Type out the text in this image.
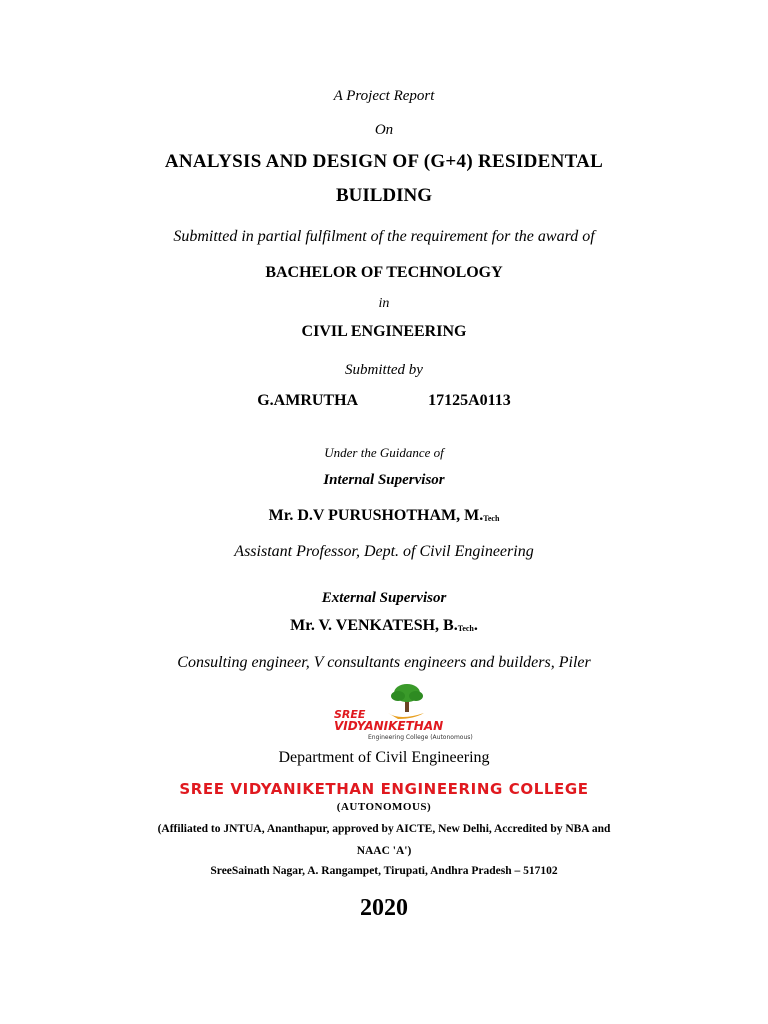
A Project Report
On
ANALYSIS AND DESIGN OF (G+4) RESIDENTAL
BUILDING
Submitted in partial fulfilment of the requirement for the award of
BACHELOR OF TECHNOLOGY
in
CIVIL ENGINEERING
Submitted by
G.AMRUTHA	17125A0113
Under the Guidance of
Internal Supervisor
Mr. D.V PURUSHOTHAM, M.Tech
Assistant Professor, Dept. of Civil Engineering
External Supervisor
Mr. V. VENKATESH, B.Tech.
Consulting engineer, V consultants engineers and builders, Piler
SREE
VIDYANIKETHAN
Engineering College (Autonomous)
Department of Civil Engineering
SREE VIDYANIKETHAN ENGINEERING COLLEGE
(AUTONOMOUS)
(Affiliated to JNTUA, Ananthapur, approved by AICTE, New Delhi, Accredited by NBA and
NAAC 'A')
SreeSainath Nagar, A. Rangampet, Tirupati, Andhra Pradesh – 517102
2020
